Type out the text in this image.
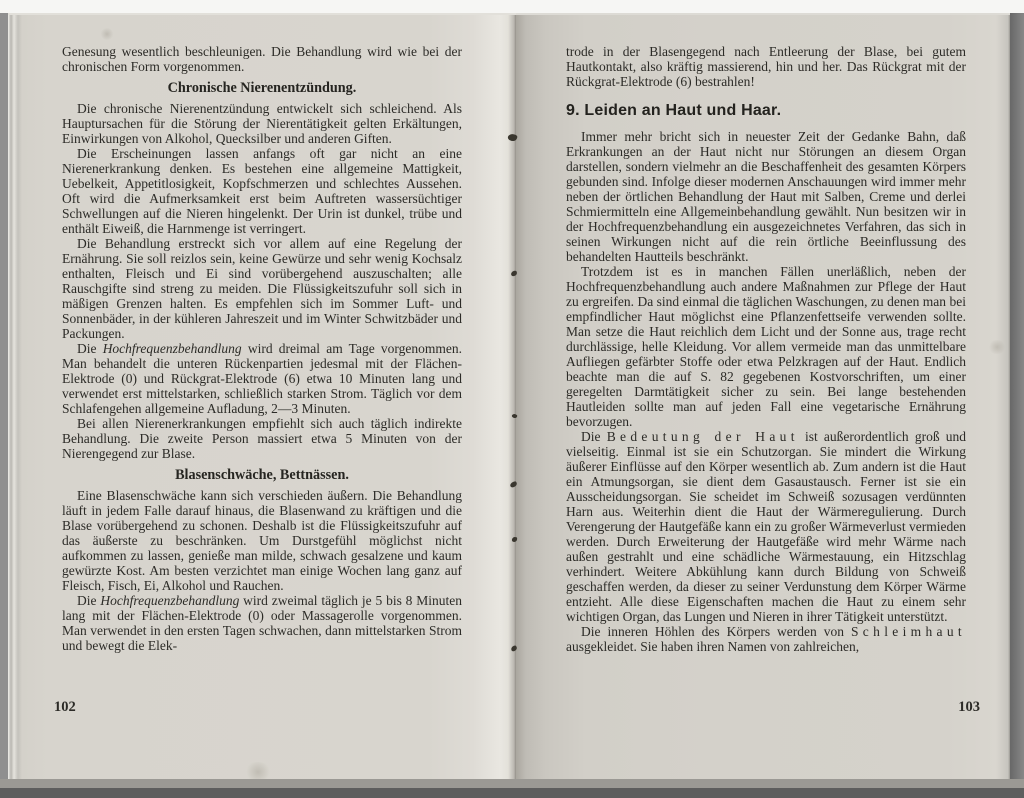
Genesung wesentlich beschleunigen. Die Behandlung wird wie bei der chronischen Form vorgenommen.

Chronische Nierenentzündung.

Die chronische Nierenentzündung entwickelt sich schleichend. Als Hauptursachen für die Störung der Nierentätigkeit gelten Erkältungen, Einwirkungen von Alkohol, Quecksilber und anderen Giften.

Die Erscheinungen lassen anfangs oft gar nicht an eine Nierenerkrankung denken. Es bestehen eine allgemeine Mattigkeit, Uebelkeit, Appetitlosigkeit, Kopfschmerzen und schlechtes Aussehen. Oft wird die Aufmerksamkeit erst beim Auftreten wassersüchtiger Schwellungen auf die Nieren hingelenkt. Der Urin ist dunkel, trübe und enthält Eiweiß, die Harnmenge ist verringert.

Die Behandlung erstreckt sich vor allem auf eine Regelung der Ernährung. Sie soll reizlos sein, keine Gewürze und sehr wenig Kochsalz enthalten, Fleisch und Ei sind vorübergehend auszuschalten; alle Rauschgifte sind streng zu meiden. Die Flüssigkeitszufuhr soll sich in mäßigen Grenzen halten. Es empfehlen sich im Sommer Luft- und Sonnenbäder, in der kühleren Jahreszeit und im Winter Schwitzbäder und Packungen.

Die Hochfrequenzbehandlung wird dreimal am Tage vorgenommen. Man behandelt die unteren Rückenpartien jedesmal mit der Flächen-Elektrode (0) und Rückgrat-Elektrode (6) etwa 10 Minuten lang und verwendet erst mittelstarken, schließlich starken Strom. Täglich vor dem Schlafengehen allgemeine Aufladung, 2—3 Minuten.

Bei allen Nierenerkrankungen empfiehlt sich auch täglich indirekte Behandlung. Die zweite Person massiert etwa 5 Minuten von der Nierengegend zur Blase.

Blasenschwäche, Bettnässen.

Eine Blasenschwäche kann sich verschieden äußern. Die Behandlung läuft in jedem Falle darauf hinaus, die Blasenwand zu kräftigen und die Blase vorübergehend zu schonen. Deshalb ist die Flüssigkeitszufuhr auf das äußerste zu beschränken. Um Durstgefühl möglichst nicht aufkommen zu lassen, genieße man milde, schwach gesalzene und kaum gewürzte Kost. Am besten verzichtet man einige Wochen lang ganz auf Fleisch, Fisch, Ei, Alkohol und Rauchen.

Die Hochfrequenzbehandlung wird zweimal täglich je 5 bis 8 Minuten lang mit der Flächen-Elektrode (0) oder Massagerolle vorgenommen. Man verwendet in den ersten Tagen schwachen, dann mittelstarken Strom und bewegt die Elek-

trode in der Blasengegend nach Entleerung der Blase, bei gutem Hautkontakt, also kräftig massierend, hin und her. Das Rückgrat mit der Rückgrat-Elektrode (6) bestrahlen!

9. Leiden an Haut und Haar.

Immer mehr bricht sich in neuester Zeit der Gedanke Bahn, daß Erkrankungen an der Haut nicht nur Störungen an diesem Organ darstellen, sondern vielmehr an die Beschaffenheit des gesamten Körpers gebunden sind. Infolge dieser modernen Anschauungen wird immer mehr neben der örtlichen Behandlung der Haut mit Salben, Creme und derlei Schmiermitteln eine Allgemeinbehandlung gewählt. Nun besitzen wir in der Hochfrequenzbehandlung ein ausgezeichnetes Verfahren, das sich in seinen Wirkungen nicht auf die rein örtliche Beeinflussung des behandelten Hautteils beschränkt.

Trotzdem ist es in manchen Fällen unerläßlich, neben der Hochfrequenzbehandlung auch andere Maßnahmen zur Pflege der Haut zu ergreifen. Da sind einmal die täglichen Waschungen, zu denen man bei empfindlicher Haut möglichst eine Pflanzenfettseife verwenden sollte. Man setze die Haut reichlich dem Licht und der Sonne aus, trage recht durchlässige, helle Kleidung. Vor allem vermeide man das unmittelbare Aufliegen gefärbter Stoffe oder etwa Pelzkragen auf der Haut. Endlich beachte man die auf S. 82 gegebenen Kostvorschriften, um einer geregelten Darmtätigkeit sicher zu sein. Bei lange bestehenden Hautleiden sollte man auf jeden Fall eine vegetarische Ernährung bevorzugen.

Die Bedeutung der Haut ist außerordentlich groß und vielseitig. Einmal ist sie ein Schutzorgan. Sie mindert die Wirkung äußerer Einflüsse auf den Körper wesentlich ab. Zum andern ist die Haut ein Atmungsorgan, sie dient dem Gasaustausch. Ferner ist sie ein Ausscheidungsorgan. Sie scheidet im Schweiß sozusagen verdünnten Harn aus. Weiterhin dient die Haut der Wärmeregulierung. Durch Verengerung der Hautgefäße kann ein zu großer Wärmeverlust vermieden werden. Durch Erweiterung der Hautgefäße wird mehr Wärme nach außen gestrahlt und eine schädliche Wärmestauung, ein Hitzschlag verhindert. Weitere Abkühlung kann durch Bildung von Schweiß geschaffen werden, da dieser zu seiner Verdunstung dem Körper Wärme entzieht. Alle diese Eigenschaften machen die Haut zu einem sehr wichtigen Organ, das Lungen und Nieren in ihrer Tätigkeit unterstützt.

Die inneren Höhlen des Körpers werden von Schleimhaut ausgekleidet. Sie haben ihren Namen von zahlreichen,

102	103
